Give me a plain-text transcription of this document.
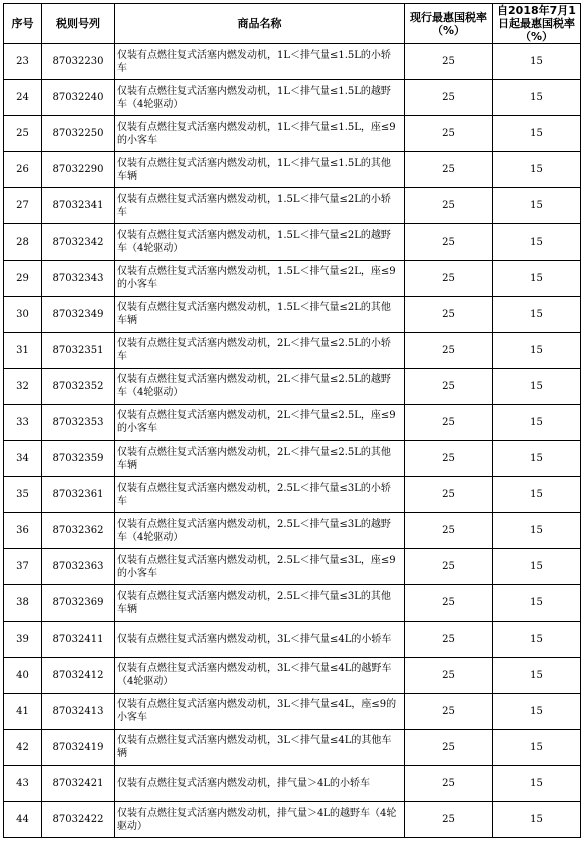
序号	税则号列	商品名称	现行最惠国税率（%）	自2018年7月1日起最惠国税率（%）
23	87032230	仅装有点燃往复式活塞内燃发动机，1L＜排气量≤1.5L的小轿车	25	15
24	87032240	仅装有点燃往复式活塞内燃发动机，1L＜排气量≤1.5L的越野车（4轮驱动）	25	15
25	87032250	仅装有点燃往复式活塞内燃发动机，1L＜排气量≤1.5L，座≤9的小客车	25	15
26	87032290	仅装有点燃往复式活塞内燃发动机，1L＜排气量≤1.5L的其他车辆	25	15
27	87032341	仅装有点燃往复式活塞内燃发动机，1.5L＜排气量≤2L的小轿车	25	15
28	87032342	仅装有点燃往复式活塞内燃发动机，1.5L＜排气量≤2L的越野车（4轮驱动）	25	15
29	87032343	仅装有点燃往复式活塞内燃发动机，1.5L＜排气量≤2L，座≤9的小客车	25	15
30	87032349	仅装有点燃往复式活塞内燃发动机，1.5L＜排气量≤2L的其他车辆	25	15
31	87032351	仅装有点燃往复式活塞内燃发动机，2L＜排气量≤2.5L的小轿车	25	15
32	87032352	仅装有点燃往复式活塞内燃发动机，2L＜排气量≤2.5L的越野车（4轮驱动）	25	15
33	87032353	仅装有点燃往复式活塞内燃发动机，2L＜排气量≤2.5L，座≤9的小客车	25	15
34	87032359	仅装有点燃往复式活塞内燃发动机，2L＜排气量≤2.5L的其他车辆	25	15
35	87032361	仅装有点燃往复式活塞内燃发动机，2.5L＜排气量≤3L的小轿车	25	15
36	87032362	仅装有点燃往复式活塞内燃发动机，2.5L＜排气量≤3L的越野车（4轮驱动）	25	15
37	87032363	仅装有点燃往复式活塞内燃发动机，2.5L＜排气量≤3L，座≤9的小客车	25	15
38	87032369	仅装有点燃往复式活塞内燃发动机，2.5L＜排气量≤3L的其他车辆	25	15
39	87032411	仅装有点燃往复式活塞内燃发动机，3L＜排气量≤4L的小轿车	25	15
40	87032412	仅装有点燃往复式活塞内燃发动机，3L＜排气量≤4L的越野车（4轮驱动）	25	15
41	87032413	仅装有点燃往复式活塞内燃发动机，3L＜排气量≤4L，座≤9的小客车	25	15
42	87032419	仅装有点燃往复式活塞内燃发动机，3L＜排气量≤4L的其他车辆	25	15
43	87032421	仅装有点燃往复式活塞内燃发动机，排气量＞4L的小轿车	25	15
44	87032422	仅装有点燃往复式活塞内燃发动机，排气量＞4L的越野车（4轮驱动）	25	15
